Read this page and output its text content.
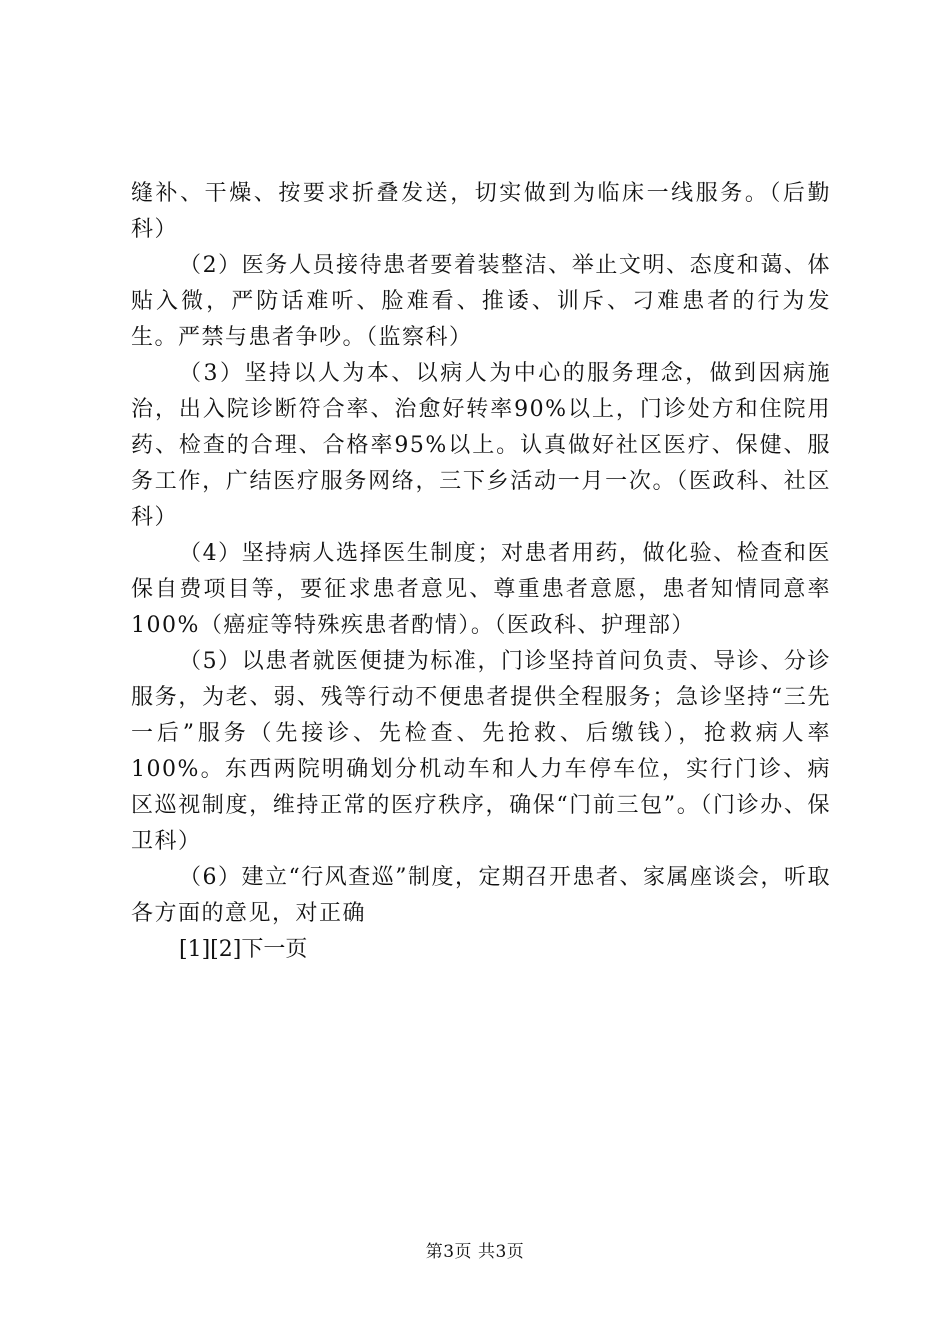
缝补、干燥、按要求折叠发送，切实做到为临床一线服务。（后勤科）

（2）医务人员接待患者要着装整洁、举止文明、态度和蔼、体贴入微，严防话难听、脸难看、推诿、训斥、刁难患者的行为发生。严禁与患者争吵。（监察科）

（3）坚持以人为本、以病人为中心的服务理念，做到因病施治，出入院诊断符合率、治愈好转率90%以上，门诊处方和住院用药、检查的合理、合格率95%以上。认真做好社区医疗、保健、服务工作，广结医疗服务网络，三下乡活动一月一次。（医政科、社区科）

（4）坚持病人选择医生制度；对患者用药，做化验、检查和医保自费项目等，要征求患者意见、尊重患者意愿，患者知情同意率100%（癌症等特殊疾患者酌情）。（医政科、护理部）

（5）以患者就医便捷为标准，门诊坚持首问负责、导诊、分诊服务，为老、弱、残等行动不便患者提供全程服务；急诊坚持“三先一后”服务（先接诊、先检查、先抢救、后缴钱），抢救病人率100%。东西两院明确划分机动车和人力车停车位，实行门诊、病区巡视制度，维持正常的医疗秩序，确保“门前三包”。（门诊办、保卫科）

（6）建立“行风查巡”制度，定期召开患者、家属座谈会，听取各方面的意见，对正确

[1][2]下一页

第3页 共3页
